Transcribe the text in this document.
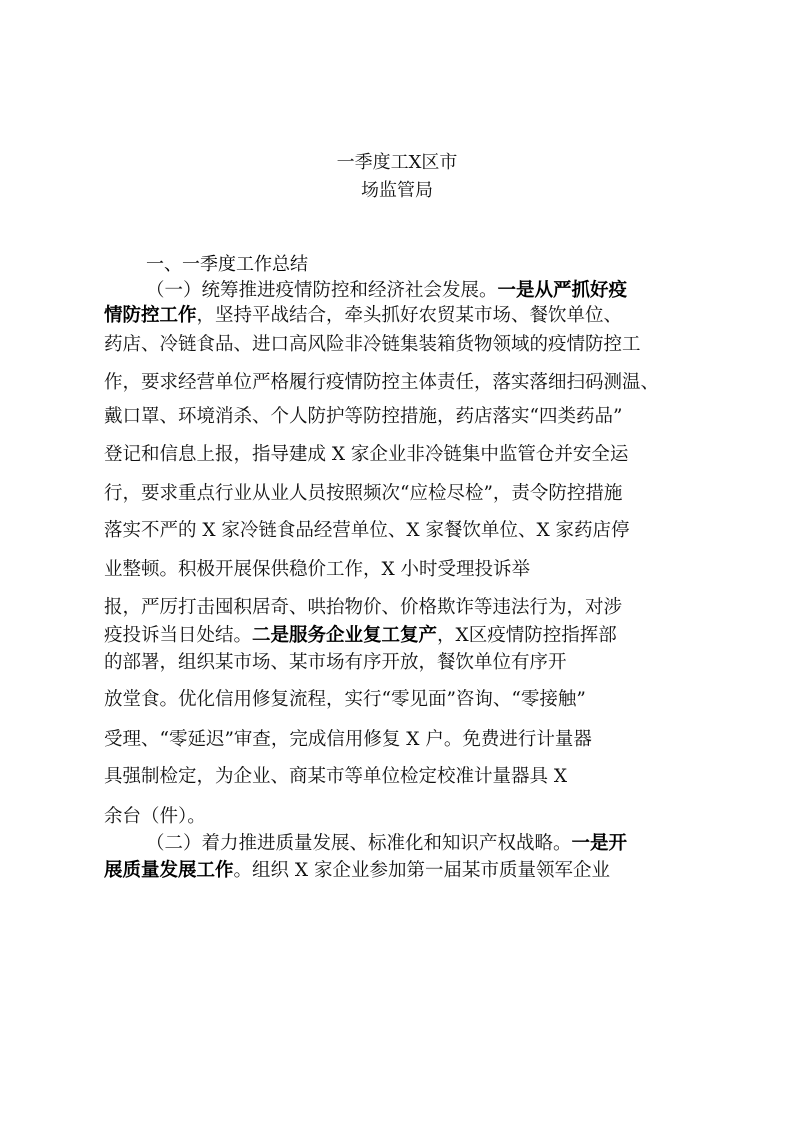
一季度工X区市
场监管局
一、一季度工作总结
（一）统筹推进疫情防控和经济社会发展。一是从严抓好疫
情防控工作，坚持平战结合，牵头抓好农贸某市场、餐饮单位、
药店、冷链食品、进口高风险非冷链集装箱货物领域的疫情防控工
作，要求经营单位严格履行疫情防控主体责任，落实落细扫码测温、
戴口罩、环境消杀、个人防护等防控措施，药店落实“四类药品”
登记和信息上报，指导建成 X 家企业非冷链集中监管仓并安全运
行，要求重点行业从业人员按照频次“应检尽检”，责令防控措施
落实不严的 X 家冷链食品经营单位、X 家餐饮单位、X 家药店停
业整顿。积极开展保供稳价工作，X 小时受理投诉举
报，严厉打击囤积居奇、哄抬物价、价格欺诈等违法行为，对涉
疫投诉当日处结。二是服务企业复工复产，X区疫情防控指挥部
的部署，组织某市场、某市场有序开放，餐饮单位有序开
放堂食。优化信用修复流程，实行“零见面”咨询、“零接触”
受理、“零延迟”审查，完成信用修复 X 户。免费进行计量器
具强制检定，为企业、商某市等单位检定校准计量器具 X
余台（件）。
（二）着力推进质量发展、标准化和知识产权战略。一是开
展质量发展工作。组织 X 家企业参加第一届某市质量领军企业
